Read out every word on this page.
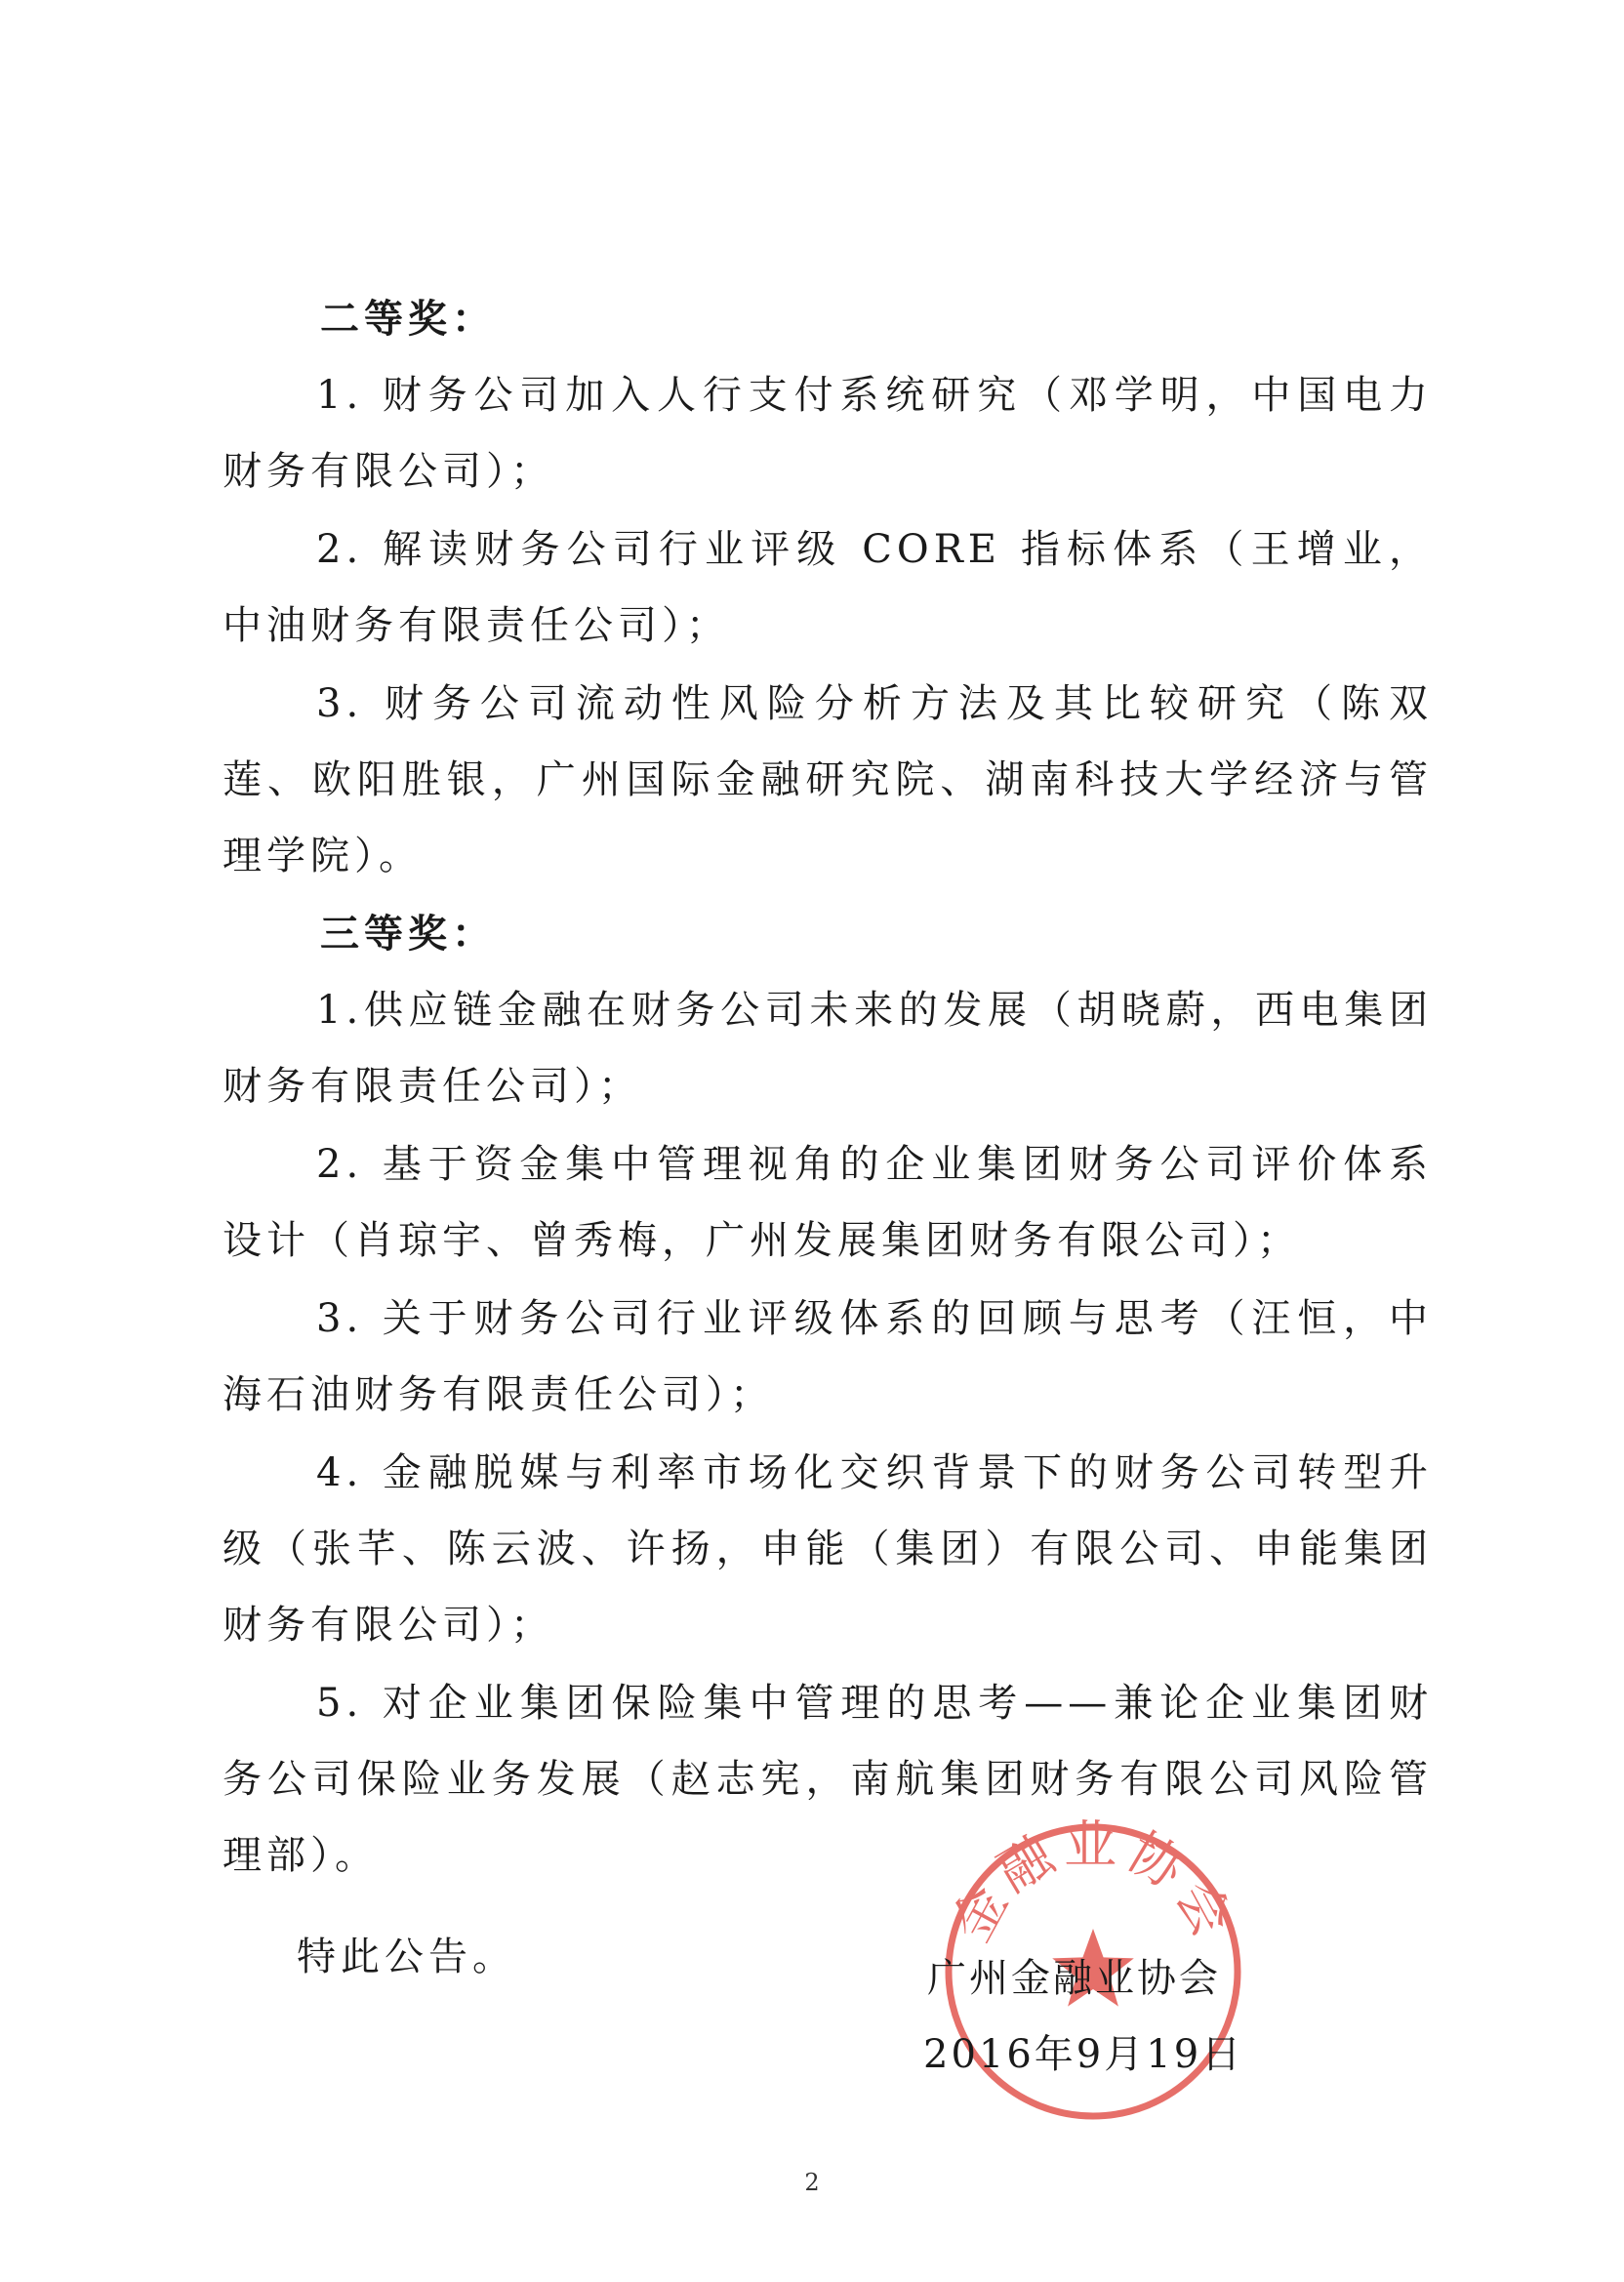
二等奖：

1. 财务公司加入人行支付系统研究（邓学明，中国电力财务有限公司）；

2. 解读财务公司行业评级 CORE 指标体系（王增业，中油财务有限责任公司）；

3. 财务公司流动性风险分析方法及其比较研究（陈双莲、欧阳胜银，广州国际金融研究院、湖南科技大学经济与管理学院）。

三等奖：

1.供应链金融在财务公司未来的发展（胡晓蔚，西电集团财务有限责任公司）；

2. 基于资金集中管理视角的企业集团财务公司评价体系设计（肖琼宇、曾秀梅，广州发展集团财务有限公司）；

3. 关于财务公司行业评级体系的回顾与思考（汪恒，中海石油财务有限责任公司）；

4. 金融脱媒与利率市场化交织背景下的财务公司转型升级（张芊、陈云波、许扬，申能（集团）有限公司、申能集团财务有限公司）；

5. 对企业集团保险集中管理的思考——兼论企业集团财务公司保险业务发展（赵志宪，南航集团财务有限公司风险管理部）。

特此公告。

金融业协会

广州金融业协会

2016年9月19日

2
